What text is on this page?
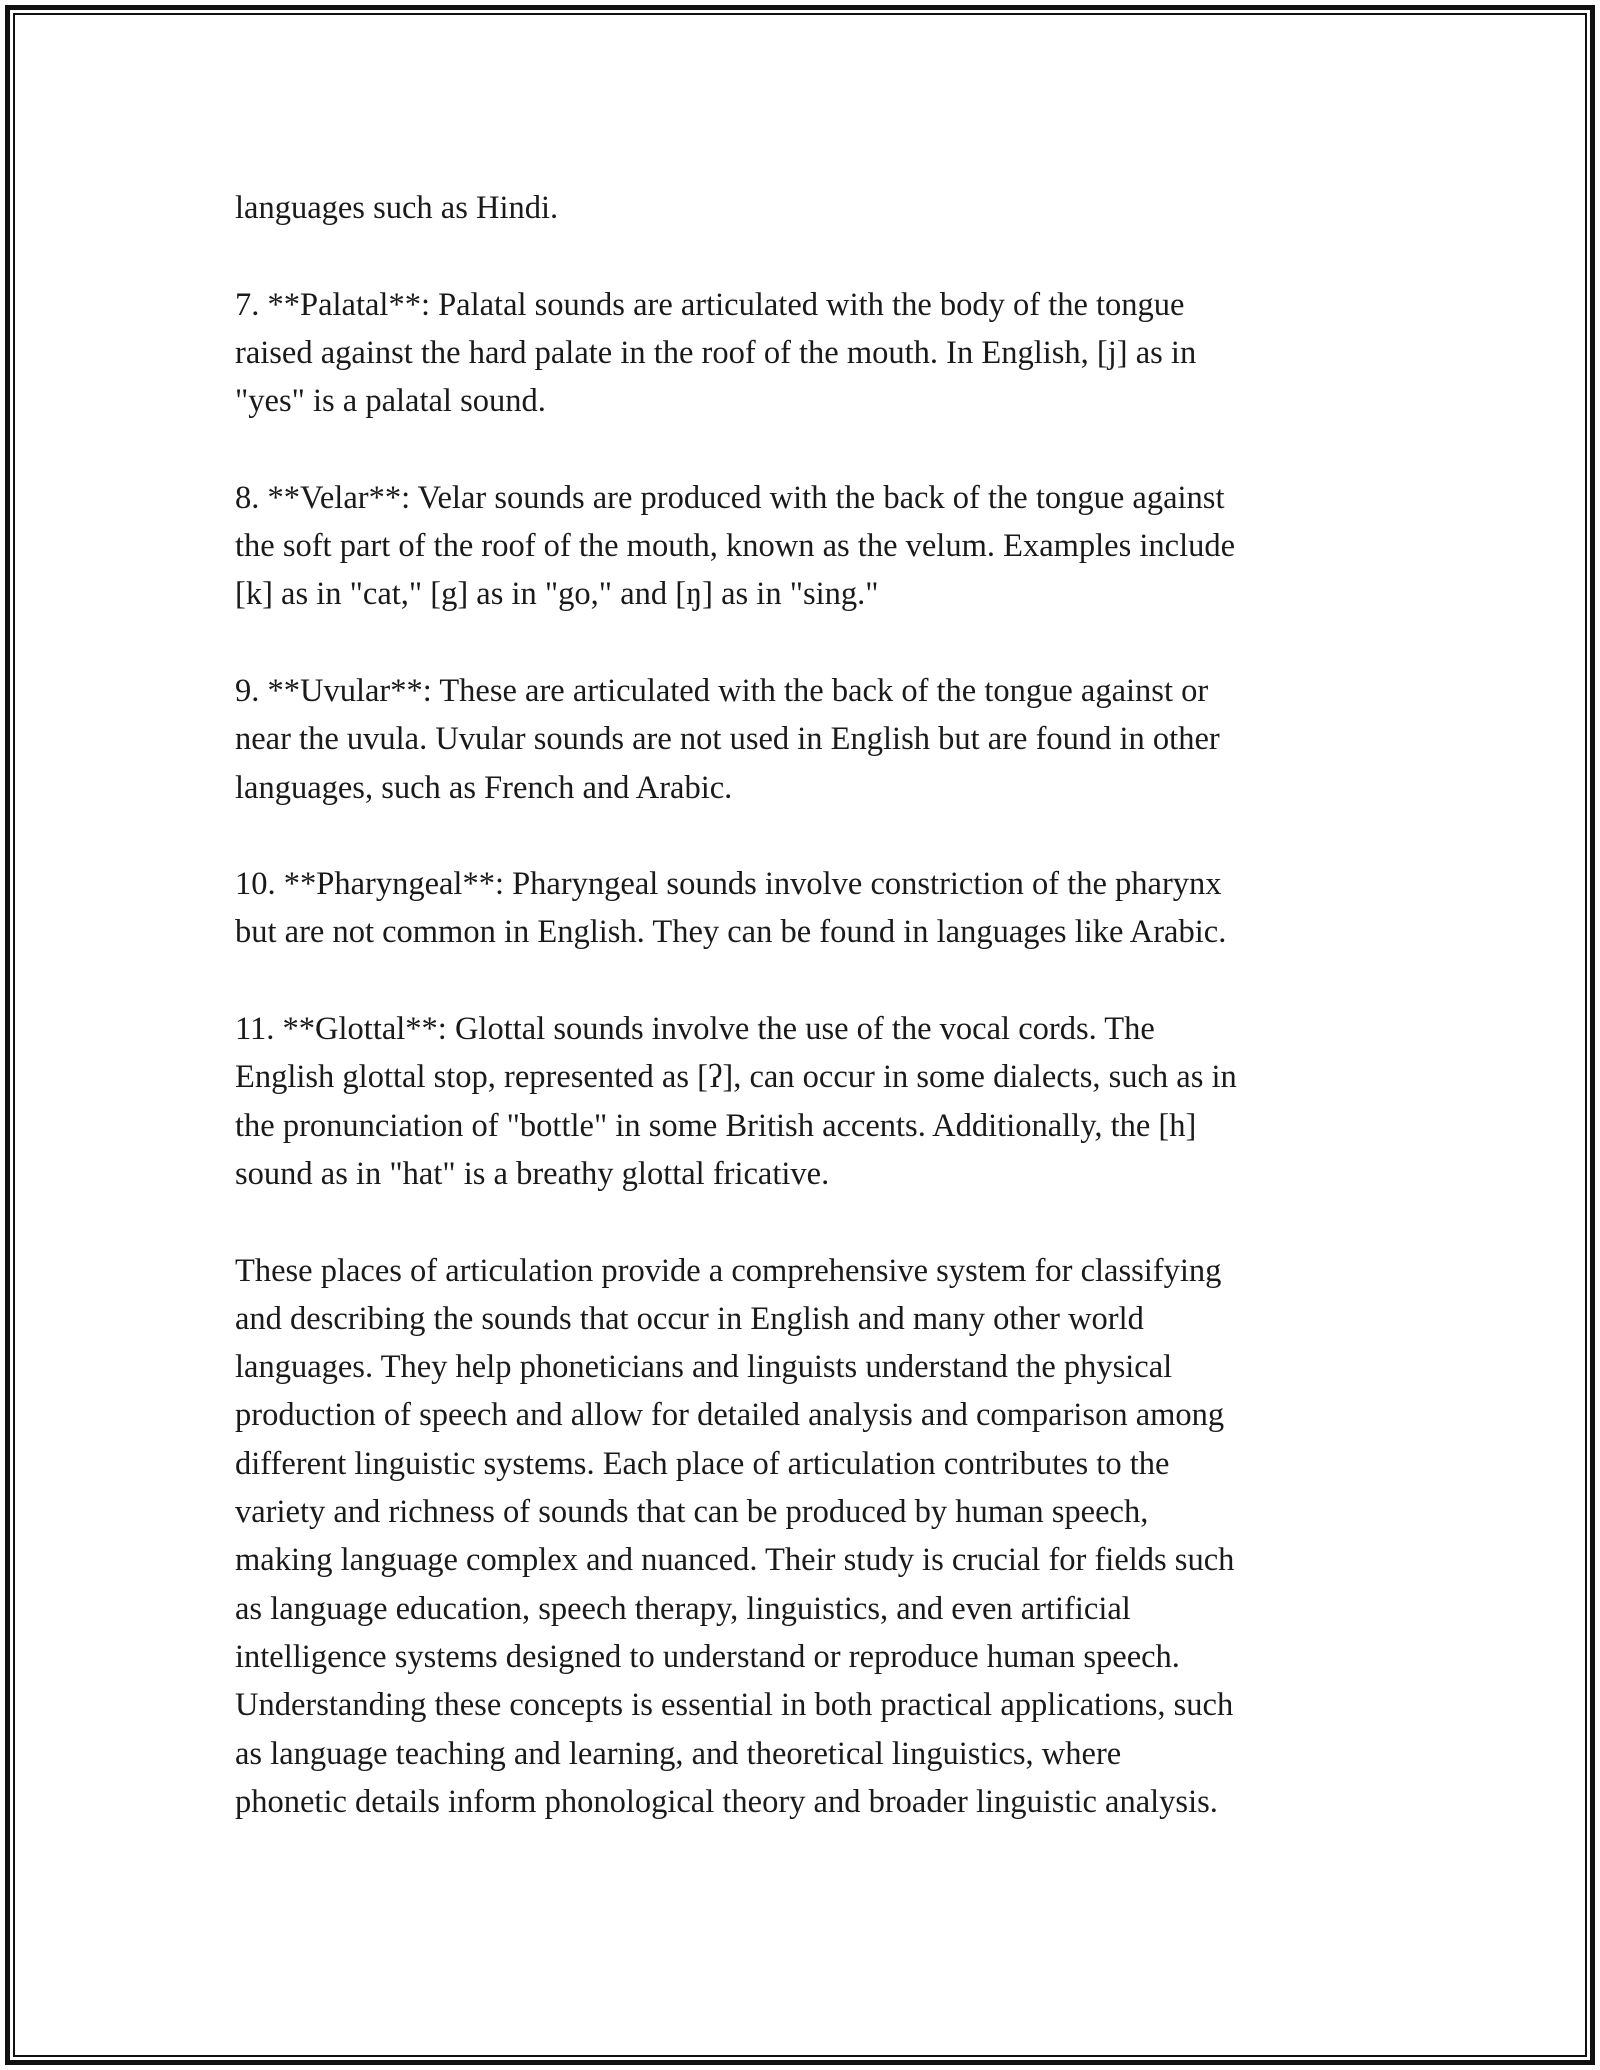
languages such as Hindi.

7. **Palatal**: Palatal sounds are articulated with the body of the tongue
raised against the hard palate in the roof of the mouth. In English, [j] as in
"yes" is a palatal sound.

8. **Velar**: Velar sounds are produced with the back of the tongue against
the soft part of the roof of the mouth, known as the velum. Examples include
[k] as in "cat," [g] as in "go," and [ŋ] as in "sing."

9. **Uvular**: These are articulated with the back of the tongue against or
near the uvula. Uvular sounds are not used in English but are found in other
languages, such as French and Arabic.

10. **Pharyngeal**: Pharyngeal sounds involve constriction of the pharynx
but are not common in English. They can be found in languages like Arabic.

11. **Glottal**: Glottal sounds involve the use of the vocal cords. The
English glottal stop, represented as [ʔ], can occur in some dialects, such as in
the pronunciation of "bottle" in some British accents. Additionally, the [h]
sound as in "hat" is a breathy glottal fricative.

These places of articulation provide a comprehensive system for classifying
and describing the sounds that occur in English and many other world
languages. They help phoneticians and linguists understand the physical
production of speech and allow for detailed analysis and comparison among
different linguistic systems. Each place of articulation contributes to the
variety and richness of sounds that can be produced by human speech,
making language complex and nuanced. Their study is crucial for fields such
as language education, speech therapy, linguistics, and even artificial
intelligence systems designed to understand or reproduce human speech.
Understanding these concepts is essential in both practical applications, such
as language teaching and learning, and theoretical linguistics, where
phonetic details inform phonological theory and broader linguistic analysis.
